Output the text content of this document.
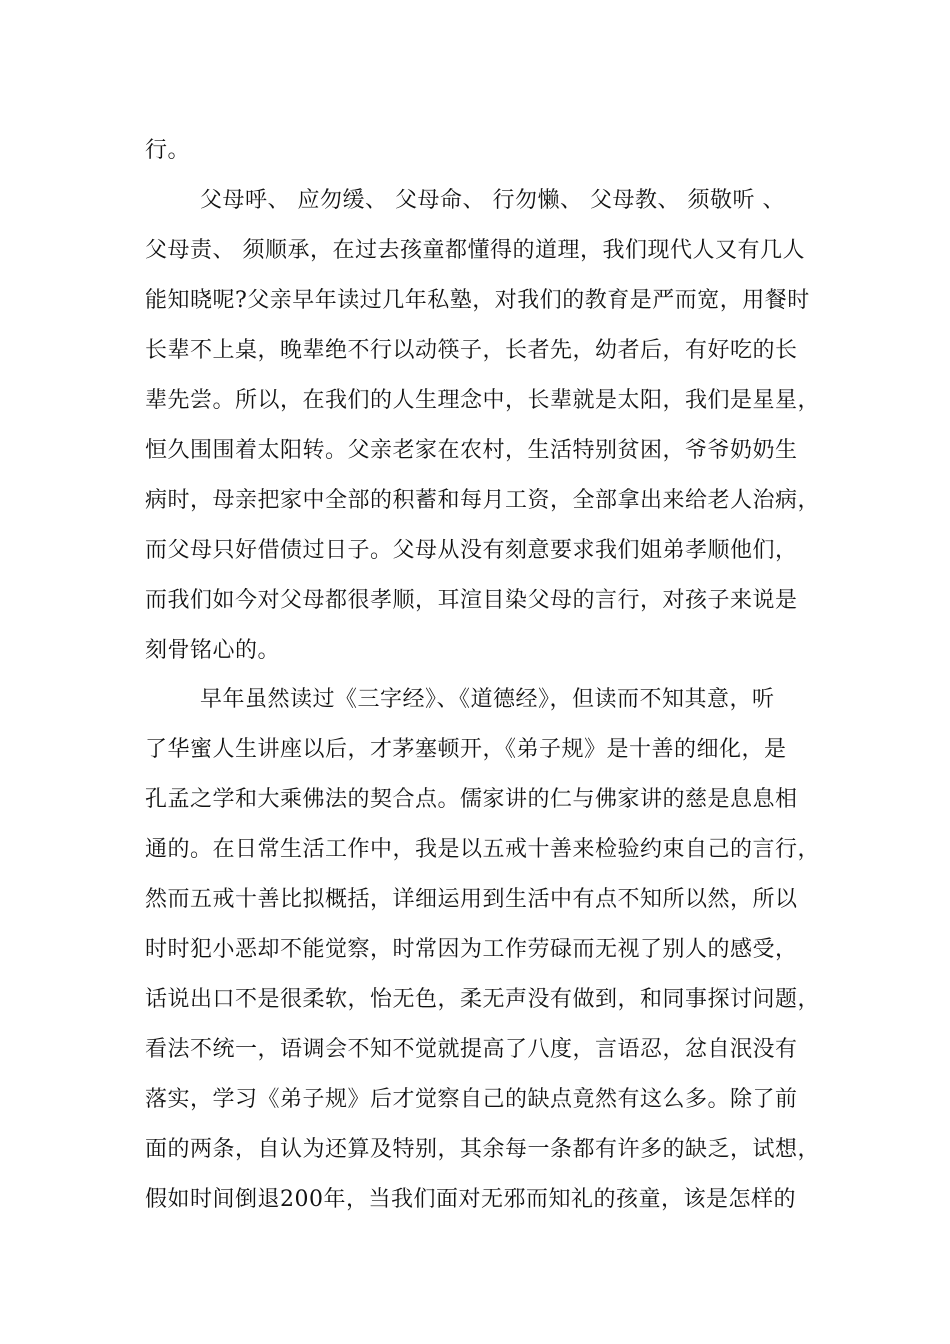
行。
父母呼、 应勿缓、 父母命、 行勿懒、 父母教、 须敬听 、
父母责、 须顺承，在过去孩童都懂得的道理，我们现代人又有几人
能知晓呢?父亲早年读过几年私塾，对我们的教育是严而宽，用餐时
长辈不上桌，晚辈绝不行以动筷子，长者先，幼者后，有好吃的长
辈先尝。所以，在我们的人生理念中，长辈就是太阳，我们是星星，
恒久围围着太阳转。父亲老家在农村，生活特别贫困，爷爷奶奶生
病时，母亲把家中全部的积蓄和每月工资，全部拿出来给老人治病，
而父母只好借债过日子。父母从没有刻意要求我们姐弟孝顺他们，
而我们如今对父母都很孝顺，耳渲目染父母的言行，对孩子来说是
刻骨铭心的。
早年虽然读过《三字经》、《道德经》，但读而不知其意，听
了华蜜人生讲座以后，才茅塞顿开，《弟子规》是十善的细化，是
孔孟之学和大乘佛法的契合点。儒家讲的仁与佛家讲的慈是息息相
通的。在日常生活工作中，我是以五戒十善来检验约束自己的言行，
然而五戒十善比拟概括，详细运用到生活中有点不知所以然，所以
时时犯小恶却不能觉察，时常因为工作劳碌而无视了别人的感受，
话说出口不是很柔软，怡无色，柔无声没有做到，和同事探讨问题，
看法不统一，语调会不知不觉就提高了八度，言语忍，忿自泯没有
落实，学习《弟子规》后才觉察自己的缺点竟然有这么多。除了前
面的两条，自认为还算及特别，其余每一条都有许多的缺乏，试想，
假如时间倒退200年，当我们面对无邪而知礼的孩童，该是怎样的
